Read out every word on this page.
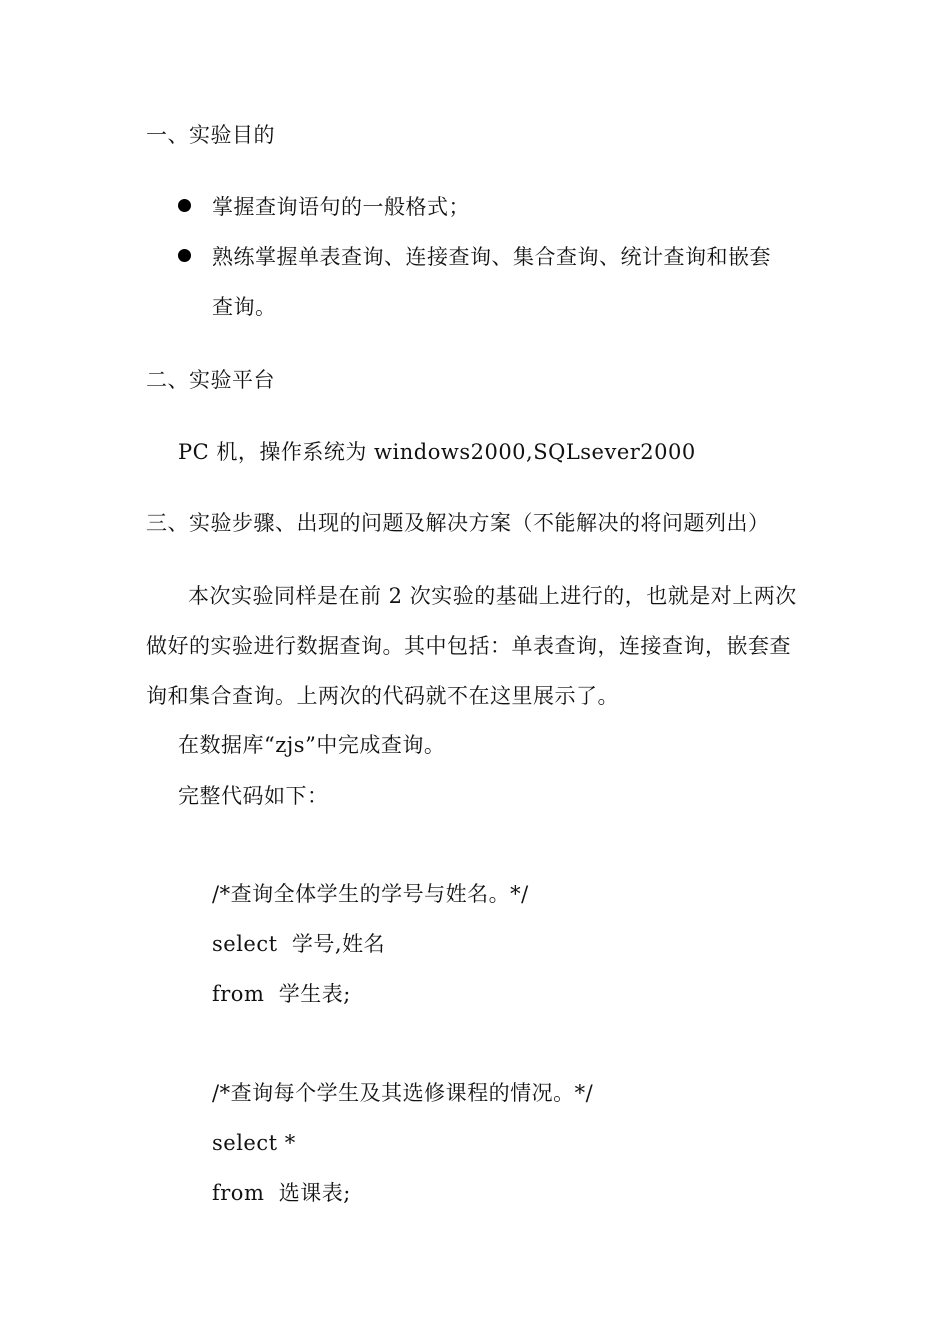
一、实验目的
掌握查询语句的一般格式；
熟练掌握单表查询、连接查询、集合查询、统计查询和嵌套
查询。
二、实验平台
PC 机，操作系统为 windows2000,SQLsever2000
三、实验步骤、出现的问题及解决方案（不能解决的将问题列出）
本次实验同样是在前 2 次实验的基础上进行的，也就是对上两次
做好的实验进行数据查询。其中包括：单表查询，连接查询，嵌套查
询和集合查询。上两次的代码就不在这里展示了。
在数据库“zjs”中完成查询。
完整代码如下：
/*查询全体学生的学号与姓名。*/
select  学号,姓名
from  学生表;
/*查询每个学生及其选修课程的情况。*/
select *
from  选课表;
